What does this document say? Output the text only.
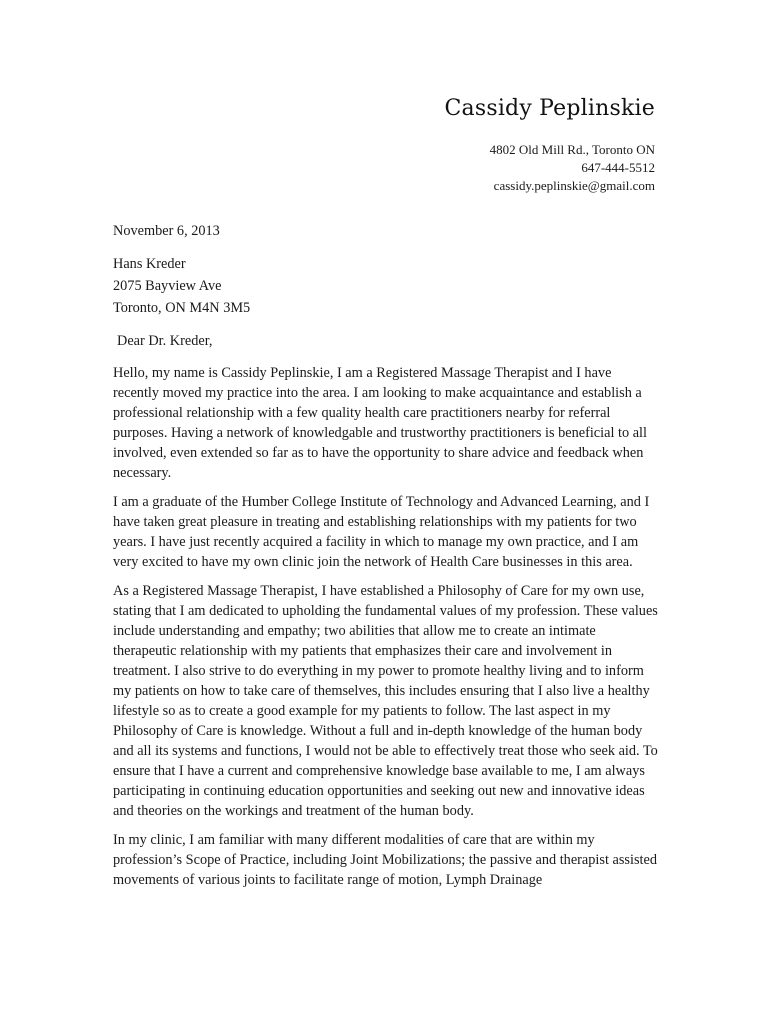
Cassidy Peplinskie
4802 Old Mill Rd., Toronto ON
647-444-5512
cassidy.peplinskie@gmail.com
November 6, 2013
Hans Kreder
2075 Bayview Ave
Toronto, ON M4N 3M5
Dear Dr. Kreder,

Hello, my name is Cassidy Peplinskie, I am a Registered Massage Therapist and I have recently moved my practice into the area. I am looking to make acquaintance and establish a professional relationship with a few quality health care practitioners nearby for referral purposes. Having a network of knowledgable and trustworthy practitioners is beneficial to all involved, even extended so far as to have the opportunity to share advice and feedback when necessary.

I am a graduate of the Humber College Institute of Technology and Advanced Learning, and I have taken great pleasure in treating and establishing relationships with my patients for two years. I have just recently acquired a facility in which to manage my own practice, and I am very excited to have my own clinic join the network of Health Care businesses in this area.

As a Registered Massage Therapist, I have established a Philosophy of Care for my own use, stating that I am dedicated to upholding the fundamental values of my profession. These values include understanding and empathy; two abilities that allow me to create an intimate therapeutic relationship with my patients that emphasizes their care and involvement in treatment. I also strive to do everything in my power to promote healthy living and to inform my patients on how to take care of themselves, this includes ensuring that I also live a healthy lifestyle so as to create a good example for my patients to follow. The last aspect in my Philosophy of Care is knowledge. Without a full and in-depth knowledge of the human body and all its systems and functions, I would not be able to effectively treat those who seek aid. To ensure that I have a current and comprehensive knowledge base available to me, I am always participating in continuing education opportunities and seeking out new and innovative ideas and theories on the workings and treatment of the human body.

In my clinic, I am familiar with many different modalities of care that are within my profession’s Scope of Practice, including Joint Mobilizations; the passive and therapist assisted movements of various joints to facilitate range of motion, Lymph Drainage
